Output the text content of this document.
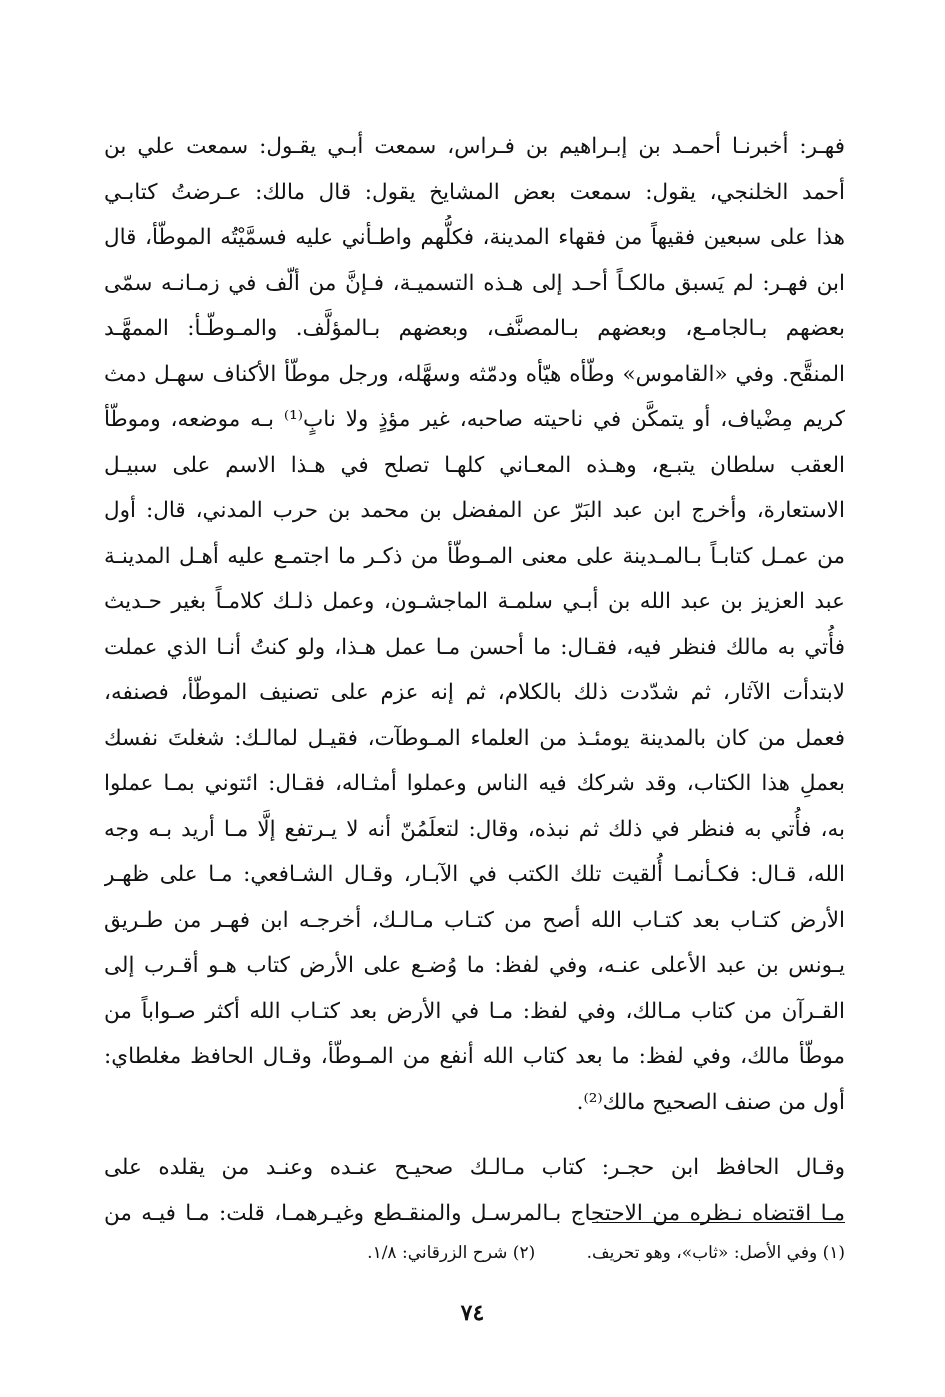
فهـر: أخبرنـا أحمـد بن إبـراهيم بن فـراس، سمعت أبـي يقـول: سمعت علي بن
أحمد الخلنجي، يقول: سمعت بعض المشايخ يقول: قال مالك: عـرضتُ كتابـي
هذا على سبعين فقيهاً من فقهاء المدينة، فكلُّهم واطـأني عليه فسمَّيْتُه الموطّأ، قال
ابن فهـر: لم يَسبق مالكـاً أحـد إلى هـذه التسميـة، فـإنَّ من ألّف في زمـانـه سمّى
بعضهم بـالجامـع، وبعضهم بـالمصنَّف، وبعضهم بـالمؤلَّف. والمـوطّـأ: الممهَّـد
المنقَّح. وفي «القاموس» وطّأه هيّأه ودمّثه وسهَّله، ورجل موطّأ الأكناف سهـل دمث
كريم مِضْياف، أو يتمكَّن في ناحيته صاحبه، غير مؤذٍ ولا نابٍ⁽¹⁾ بـه موضعه، وموطّأ
العقب سلطان يتبـع، وهـذه المعـاني كلهـا تصلح في هـذا الاسم على سبيـل
الاستعارة، وأخرج ابن عبد البَرّ عن المفضل بن محمد بن حرب المدني، قال: أول
من عمـل كتابـاً بـالمـدينة على معنى المـوطّأ من ذكـر ما اجتمـع عليه أهـل المدينـة
عبد العزيز بن عبد الله بن أبـي سلمـة الماجشـون، وعمل ذلـك كلامـاً بغير حـديث
فأُتي به مالك فنظر فيه، فقـال: ما أحسن مـا عمل هـذا، ولو كنتُ أنـا الذي عملت
لابتدأت الآثار، ثم شدّدت ذلك بالكلام، ثم إنه عزم على تصنيف الموطّأ، فصنفه،
فعمل من كان بالمدينة يومئـذ من العلماء المـوطآت، فقيـل لمالـك: شغلتَ نفسك
بعملِ هذا الكتاب، وقد شركك فيه الناس وعملوا أمثـاله، فقـال: ائتوني بمـا عملوا
به، فأُتي به فنظر في ذلك ثم نبذه، وقال: لتعلَمُنّ أنه لا يـرتفع إلَّا مـا أريد بـه وجه
الله، قـال: فكـأنمـا أُلقيت تلك الكتب في الآبـار، وقـال الشـافعي: مـا على ظهـر
الأرض كتـاب بعد كتـاب الله أصح من كتـاب مـالـك، أخرجـه ابن فهـر من طـريق
يـونس بن عبد الأعلى عنـه، وفي لفظ: ما وُضـع على الأرض كتاب هـو أقـرب إلى
القـرآن من كتاب مـالك، وفي لفظ: مـا في الأرض بعد كتـاب الله أكثر صـواباً من
موطّأ مالك، وفي لفظ: ما بعد كتاب الله أنفع من المـوطّأ، وقـال الحافظ مغلطاي:
أول من صنف الصحيح مالك⁽²⁾.
وقـال الحافظ ابن حجـر: كتاب مـالـك صحيـح عنـده وعنـد من يقلده على
مـا اقتضاه نـظره من الاحتجاج بـالمرسـل والمنقـطع وغيـرهمـا، قلت: مـا فيـه من
(١) وفي الأصل: «ثاب»، وهو تحريف. (٢) شرح الزرقاني: ١/٨.
٧٤
